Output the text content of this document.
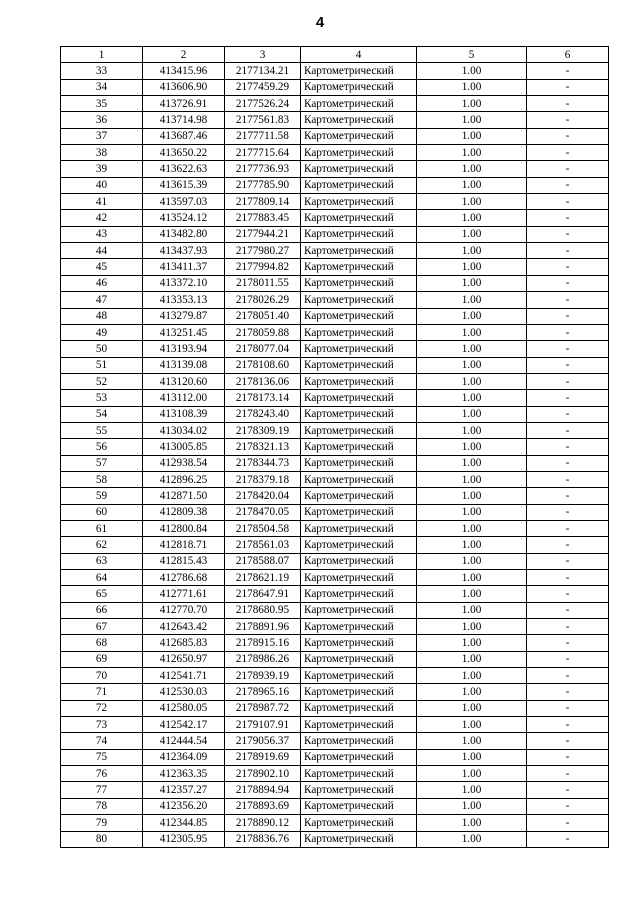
4
1	2	3	4	5	6
33	413415.96	2177134.21	Картометрический	1.00	-
34	413606.90	2177459.29	Картометрический	1.00	-
35	413726.91	2177526.24	Картометрический	1.00	-
36	413714.98	2177561.83	Картометрический	1.00	-
37	413687.46	2177711.58	Картометрический	1.00	-
38	413650.22	2177715.64	Картометрический	1.00	-
39	413622.63	2177736.93	Картометрический	1.00	-
40	413615.39	2177785.90	Картометрический	1.00	-
41	413597.03	2177809.14	Картометрический	1.00	-
42	413524.12	2177883.45	Картометрический	1.00	-
43	413482.80	2177944.21	Картометрический	1.00	-
44	413437.93	2177980.27	Картометрический	1.00	-
45	413411.37	2177994.82	Картометрический	1.00	-
46	413372.10	2178011.55	Картометрический	1.00	-
47	413353.13	2178026.29	Картометрический	1.00	-
48	413279.87	2178051.40	Картометрический	1.00	-
49	413251.45	2178059.88	Картометрический	1.00	-
50	413193.94	2178077.04	Картометрический	1.00	-
51	413139.08	2178108.60	Картометрический	1.00	-
52	413120.60	2178136.06	Картометрический	1.00	-
53	413112.00	2178173.14	Картометрический	1.00	-
54	413108.39	2178243.40	Картометрический	1.00	-
55	413034.02	2178309.19	Картометрический	1.00	-
56	413005.85	2178321.13	Картометрический	1.00	-
57	412938.54	2178344.73	Картометрический	1.00	-
58	412896.25	2178379.18	Картометрический	1.00	-
59	412871.50	2178420.04	Картометрический	1.00	-
60	412809.38	2178470.05	Картометрический	1.00	-
61	412800.84	2178504.58	Картометрический	1.00	-
62	412818.71	2178561.03	Картометрический	1.00	-
63	412815.43	2178588.07	Картометрический	1.00	-
64	412786.68	2178621.19	Картометрический	1.00	-
65	412771.61	2178647.91	Картометрический	1.00	-
66	412770.70	2178680.95	Картометрический	1.00	-
67	412643.42	2178891.96	Картометрический	1.00	-
68	412685.83	2178915.16	Картометрический	1.00	-
69	412650.97	2178986.26	Картометрический	1.00	-
70	412541.71	2178939.19	Картометрический	1.00	-
71	412530.03	2178965.16	Картометрический	1.00	-
72	412580.05	2178987.72	Картометрический	1.00	-
73	412542.17	2179107.91	Картометрический	1.00	-
74	412444.54	2179056.37	Картометрический	1.00	-
75	412364.09	2178919.69	Картометрический	1.00	-
76	412363.35	2178902.10	Картометрический	1.00	-
77	412357.27	2178894.94	Картометрический	1.00	-
78	412356.20	2178893.69	Картометрический	1.00	-
79	412344.85	2178890.12	Картометрический	1.00	-
80	412305.95	2178836.76	Картометрический	1.00	-
